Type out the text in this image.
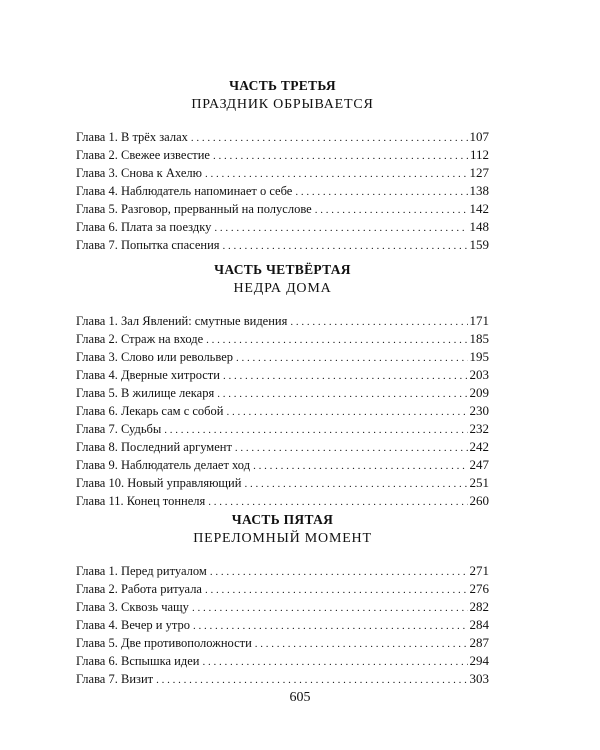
ЧАСТЬ ТРЕТЬЯ
ПРАЗДНИК ОБРЫВАЕТСЯ
Глава 1. В трёх залах . . .	107
Глава 2. Свежее известие . . .	112
Глава 3. Снова к Ахелю . . .	127
Глава 4. Наблюдатель напоминает о себе . . .	138
Глава 5. Разговор, прерванный на полуслове . . .	142
Глава 6. Плата за поездку . . .	148
Глава 7. Попытка спасения . . .	159
ЧАСТЬ ЧЕТВЁРТАЯ
НЕДРА ДОМА
Глава 1. Зал Явлений: смутные видения . . .	171
Глава 2. Страж на входе . . .	185
Глава 3. Слово или револьвер . . .	195
Глава 4. Дверные хитрости . . .	203
Глава 5. В жилище лекаря . . .	209
Глава 6. Лекарь сам с собой . . .	230
Глава 7. Судьбы . . .	232
Глава 8. Последний аргумент . . .	242
Глава 9. Наблюдатель делает ход . . .	247
Глава 10. Новый управляющий . . .	251
Глава 11. Конец тоннеля . . .	260
ЧАСТЬ ПЯТАЯ
ПЕРЕЛОМНЫЙ МОМЕНТ
Глава 1. Перед ритуалом . . .	271
Глава 2. Работа ритуала . . .	276
Глава 3. Сквозь чащу . . .	282
Глава 4. Вечер и утро . . .	284
Глава 5. Две противоположности . . .	287
Глава 6. Вспышка идеи . . .	294
Глава 7. Визит . . .	303
605
